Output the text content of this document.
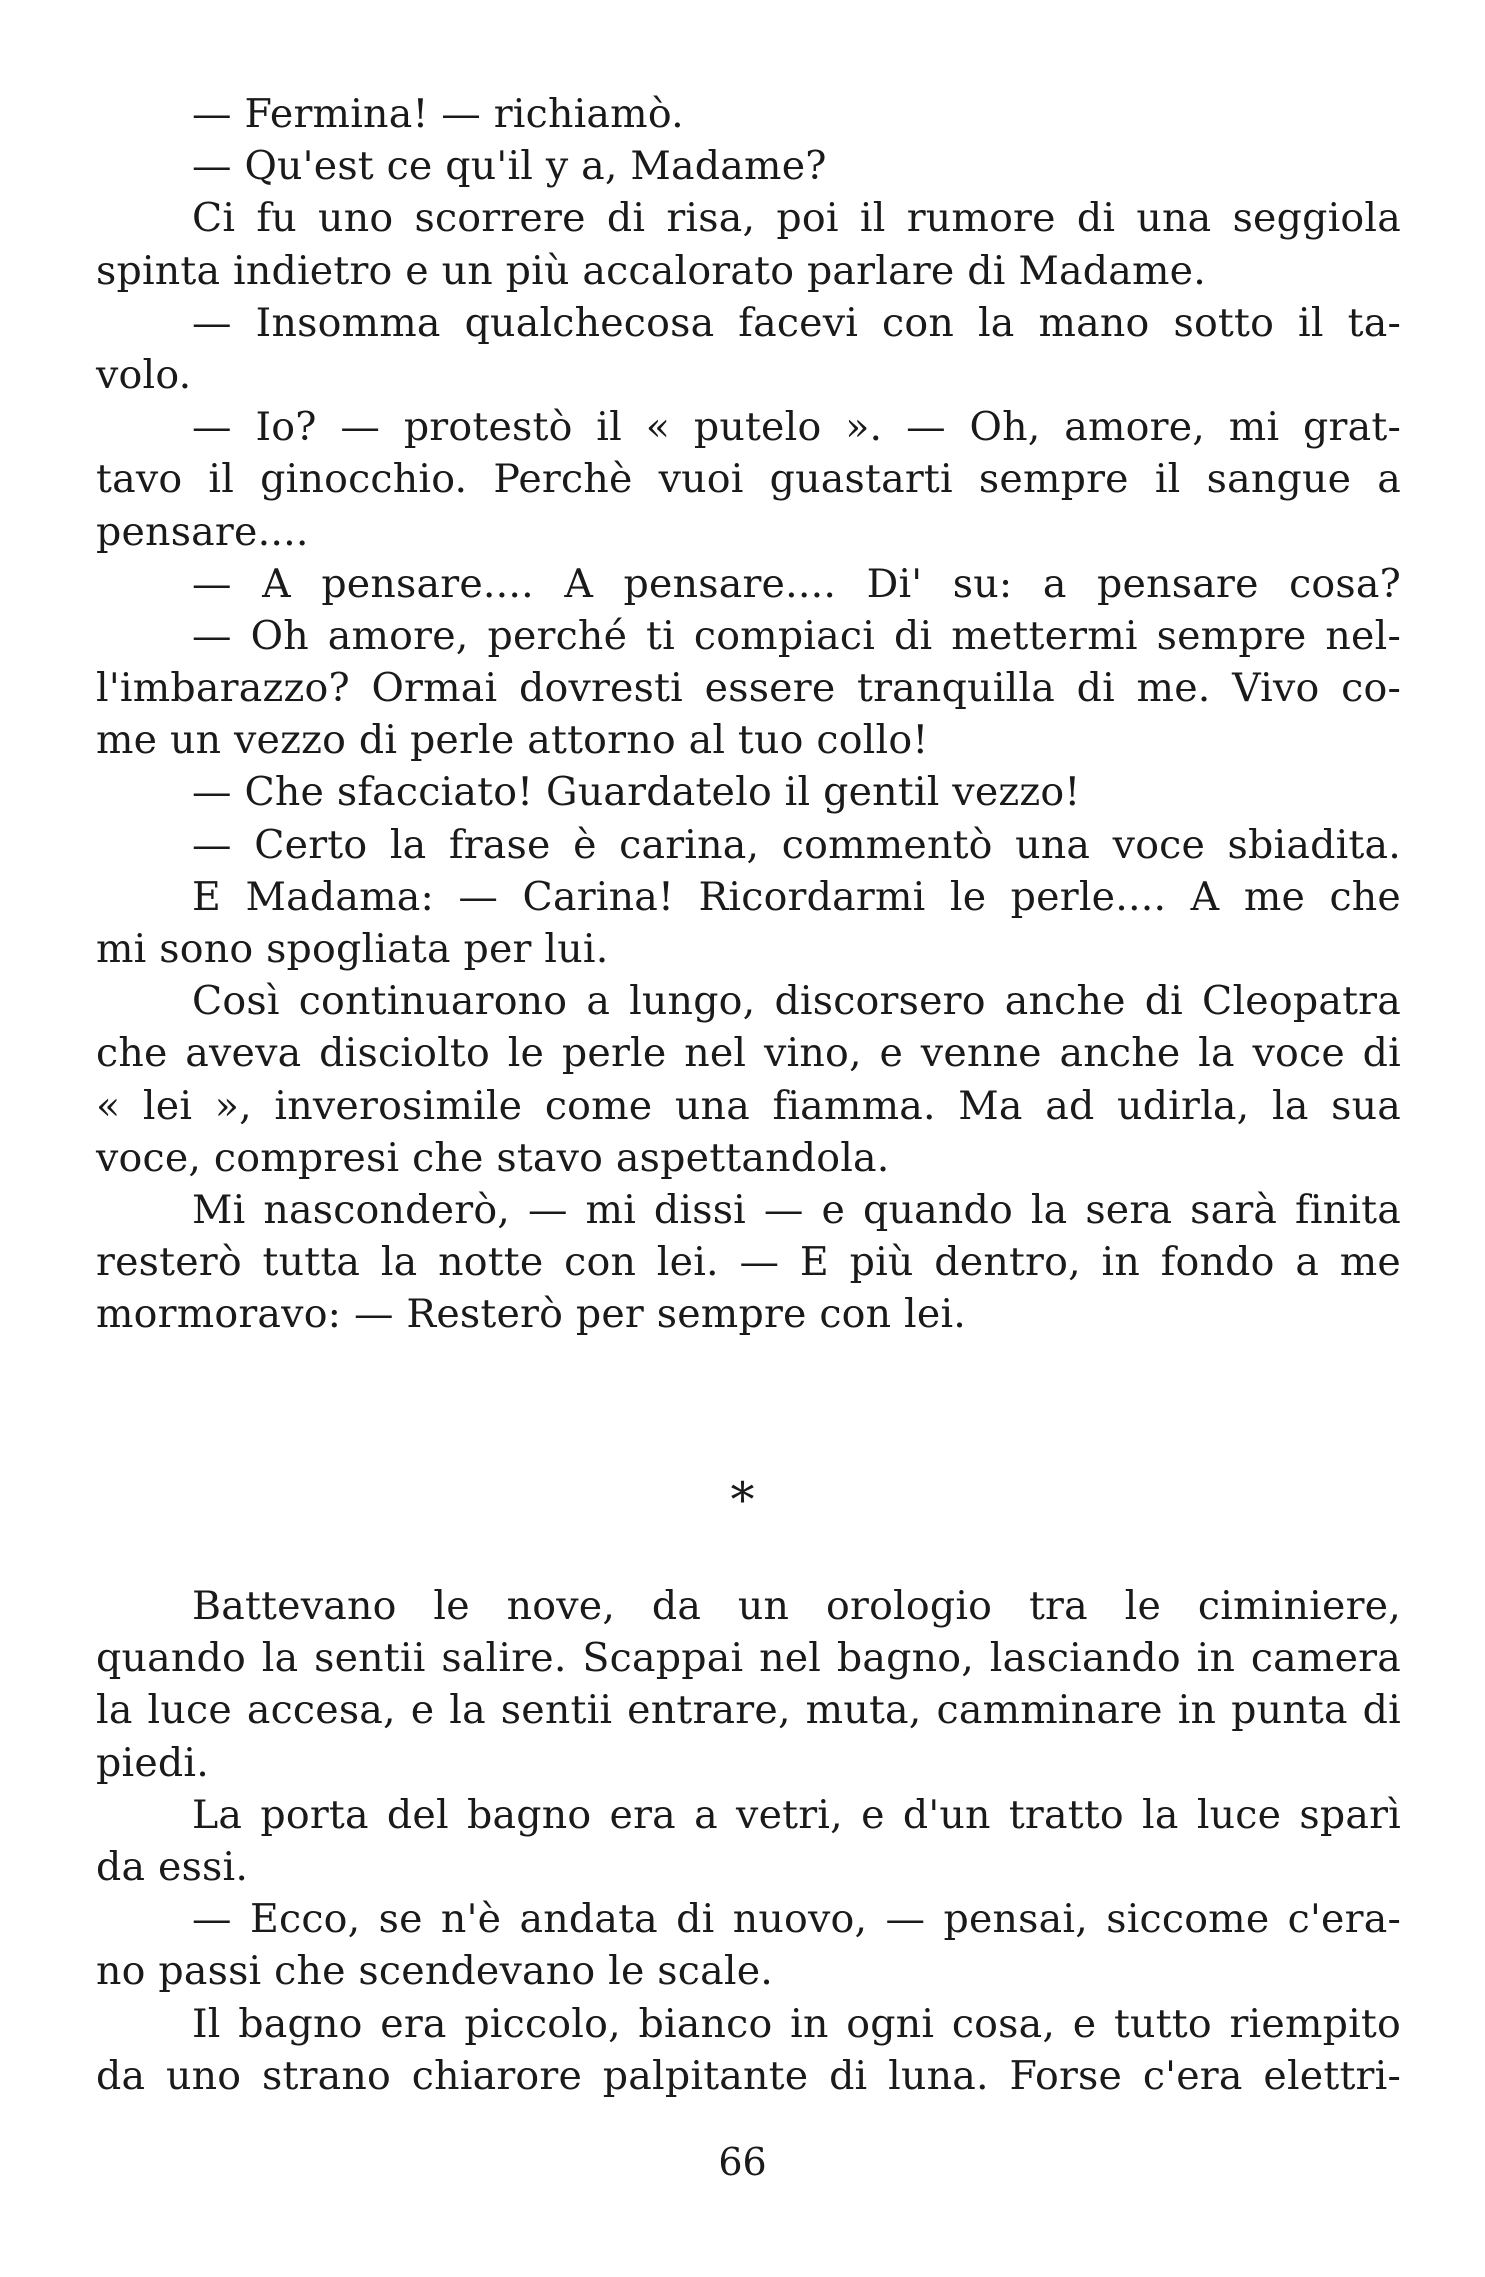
— Fermina! — richiamò.
— Qu'est ce qu'il y a, Madame?
Ci fu uno scorrere di risa, poi il rumore di una seggiola
spinta indietro e un più accalorato parlare di Madame.
— Insomma qualchecosa facevi con la mano sotto il ta-
volo.
— Io? — protestò il « putelo ». — Oh, amore, mi grat-
tavo il ginocchio. Perchè vuoi guastarti sempre il sangue a
pensare....
— A pensare.... A pensare.... Di' su: a pensare cosa?
— Oh amore, perché ti compiaci di mettermi sempre nel-
l'imbarazzo? Ormai dovresti essere tranquilla di me. Vivo co-
me un vezzo di perle attorno al tuo collo!
— Che sfacciato! Guardatelo il gentil vezzo!
— Certo la frase è carina, commentò una voce sbiadita.
E Madama: — Carina! Ricordarmi le perle.... A me che
mi sono spogliata per lui.
Così continuarono a lungo, discorsero anche di Cleopatra
che aveva disciolto le perle nel vino, e venne anche la voce di
« lei », inverosimile come una fiamma. Ma ad udirla, la sua
voce, compresi che stavo aspettandola.
Mi nasconderò, — mi dissi — e quando la sera sarà finita
resterò tutta la notte con lei. — E più dentro, in fondo a me
mormoravo: — Resterò per sempre con lei.
*
Battevano le nove, da un orologio tra le ciminiere,
quando la sentii salire. Scappai nel bagno, lasciando in camera
la luce accesa, e la sentii entrare, muta, camminare in punta di
piedi.
La porta del bagno era a vetri, e d'un tratto la luce sparì
da essi.
— Ecco, se n'è andata di nuovo, — pensai, siccome c'era-
no passi che scendevano le scale.
Il bagno era piccolo, bianco in ogni cosa, e tutto riempito
da uno strano chiarore palpitante di luna. Forse c'era elettri-
66
